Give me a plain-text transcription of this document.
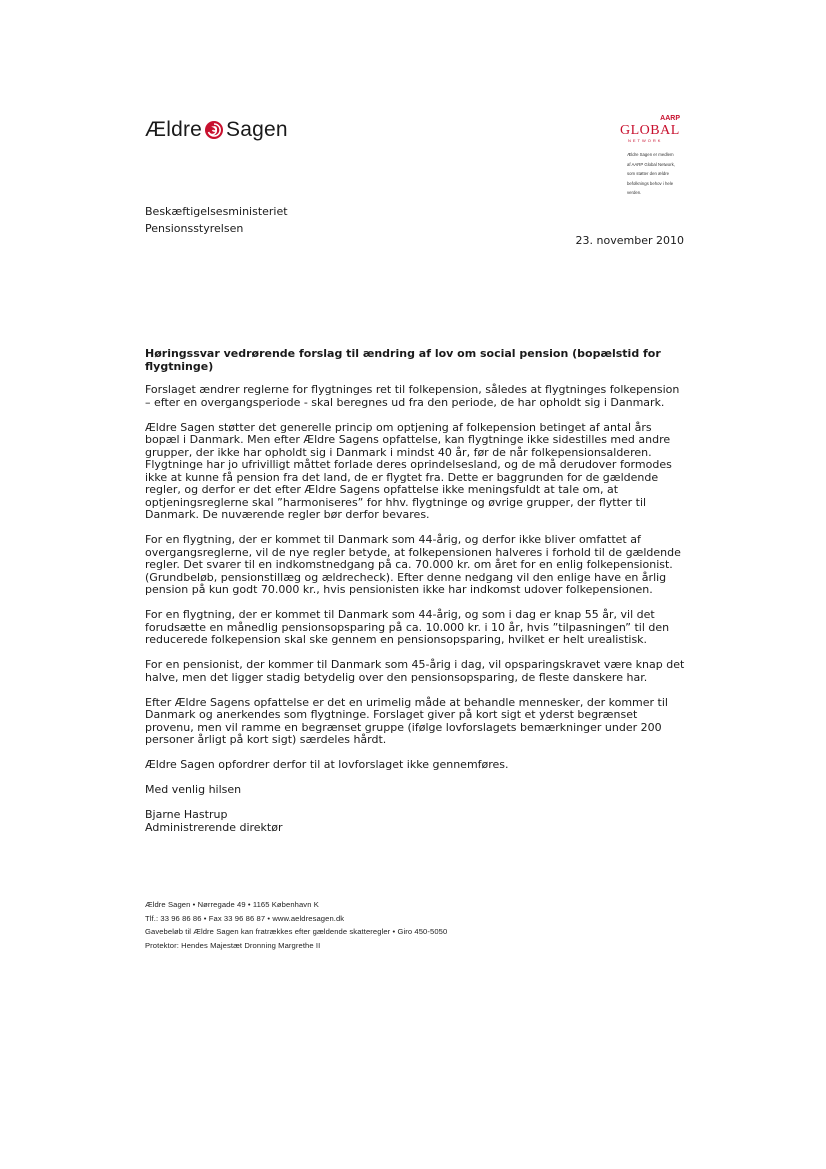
Ældre Sagen	AARP
GLOBAL
NETWORK
Ældre Sagen er medlem
af AARP Global Network,
som støtter den ældre
befolknings behov i hele
verden.
Beskæftigelsesministeriet
Pensionsstyrelsen
23. november 2010
Høringssvar vedrørende forslag til ændring af lov om social pension (bopælstid for flygtninge)

Forslaget ændrer reglerne for flygtninges ret til folkepension, således at flygtninges folkepension – efter en overgangsperiode - skal beregnes ud fra den periode, de har opholdt sig i Danmark.

Ældre Sagen støtter det generelle princip om optjening af folkepension betinget af antal års bopæl i Danmark. Men efter Ældre Sagens opfattelse, kan flygtninge ikke sidestilles med andre grupper, der ikke har opholdt sig i Danmark i mindst 40 år, før de når folkepensionsalderen. Flygtninge har jo ufrivilligt måttet forlade deres oprindelsesland, og de må derudover formodes ikke at kunne få pension fra det land, de er flygtet fra. Dette er baggrunden for de gældende regler, og derfor er det efter Ældre Sagens opfattelse ikke meningsfuldt at tale om, at optjeningsreglerne skal ”harmoniseres” for hhv. flygtninge og øvrige grupper, der flytter til Danmark. De nuværende regler bør derfor bevares.

For en flygtning, der er kommet til Danmark som 44-årig, og derfor ikke bliver omfattet af overgangsreglerne, vil de nye regler betyde, at folkepensionen halveres i forhold til de gældende regler. Det svarer til en indkomstnedgang på ca. 70.000 kr. om året for en enlig folkepensionist. (Grundbeløb, pensionstillæg og ældrecheck). Efter denne nedgang vil den enlige have en årlig pension på kun godt 70.000 kr., hvis pensionisten ikke har indkomst udover folkepensionen.

For en flygtning, der er kommet til Danmark som 44-årig, og som i dag er knap 55 år, vil det forudsætte en månedlig pensionsopsparing på ca. 10.000 kr. i 10 år, hvis ”tilpasningen” til den reducerede folkepension skal ske gennem en pensionsopsparing, hvilket er helt urealistisk.

For en pensionist, der kommer til Danmark som 45-årig i dag, vil opsparingskravet være knap det halve, men det ligger stadig betydelig over den pensionsopsparing, de fleste danskere har.

Efter Ældre Sagens opfattelse er det en urimelig måde at behandle mennesker, der kommer til Danmark og anerkendes som flygtninge. Forslaget giver på kort sigt et yderst begrænset provenu, men vil ramme en begrænset gruppe (ifølge lovforslagets bemærkninger under 200 personer årligt på kort sigt) særdeles hårdt.

Ældre Sagen opfordrer derfor til at lovforslaget ikke gennemføres.

Med venlig hilsen

Bjarne Hastrup
Administrerende direktør
Ældre Sagen • Nørregade 49 • 1165 København K
Tlf.: 33 96 86 86 • Fax 33 96 86 87 • www.aeldresagen.dk
Gavebeløb til Ældre Sagen kan fratrækkes efter gældende skatteregler • Giro 450-5050
Protektor: Hendes Majestæt Dronning Margrethe II
